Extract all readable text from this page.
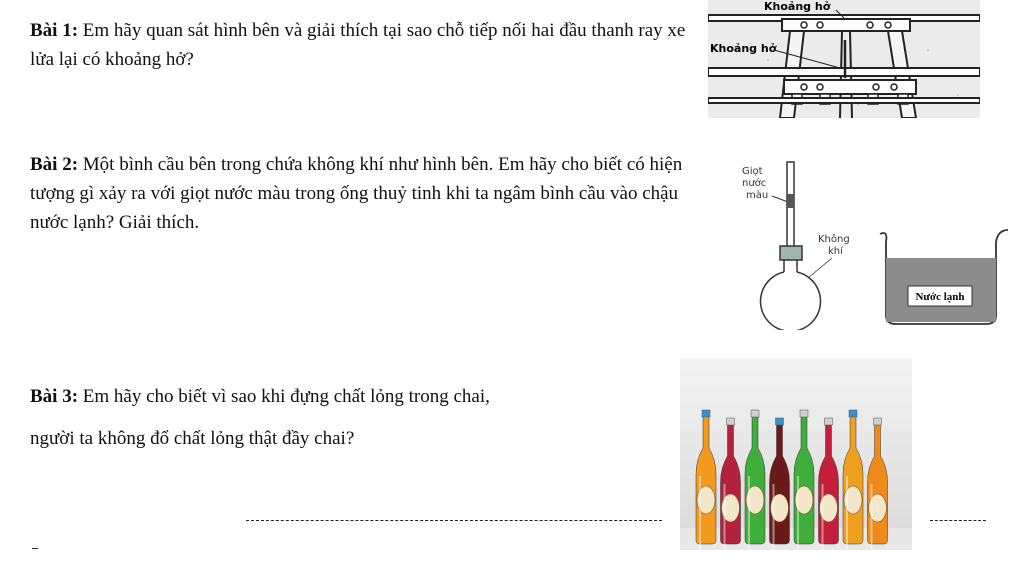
Bài 1: Em hãy quan sát hình bên và giải thích tại sao chỗ tiếp nối hai đầu thanh ray xe lửa lại có khoảng hở?
Bài 2: Một bình cầu bên trong chứa không khí như hình bên. Em hãy cho biết có hiện tượng gì xảy ra với giọt nước màu trong ống thuỷ tinh khi ta ngâm bình cầu vào chậu nước lạnh? Giải thích.
Bài 3: Em hãy cho biết vì sao khi đựng chất lỏng trong chai,
người ta không đổ chất lỏng thật đầy chai?
Khoảng hở
Khoảng hở
Giọt
nước
màu
Không
khí
Nước lạnh
